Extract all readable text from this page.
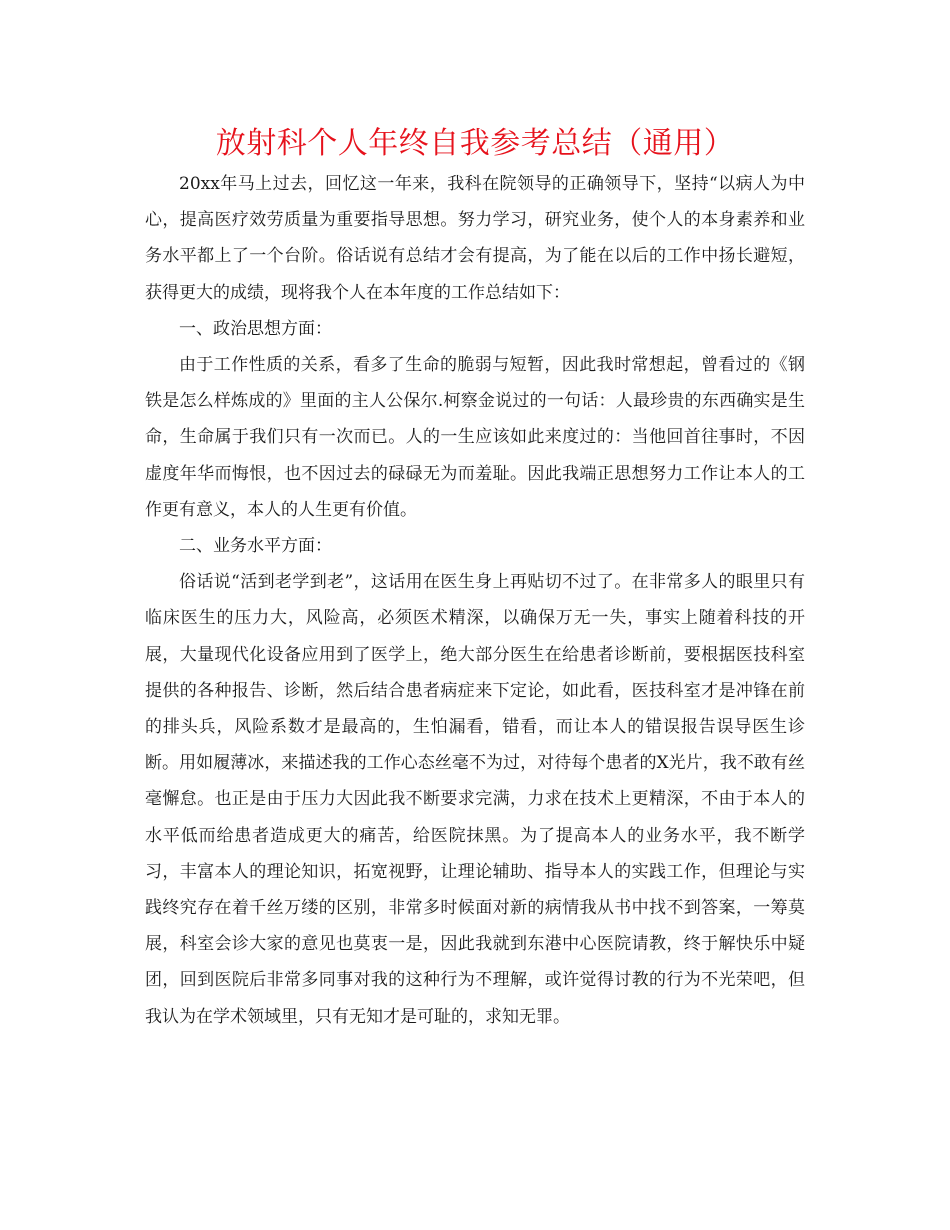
放射科个人年终自我参考总结（通用）

20xx年马上过去，回忆这一年来，我科在院领导的正确领导下，坚持“以病人为中心，提高医疗效劳质量为重要指导思想。努力学习，研究业务，使个人的本身素养和业务水平都上了一个台阶。俗话说有总结才会有提高，为了能在以后的工作中扬长避短，获得更大的成绩，现将我个人在本年度的工作总结如下：

一、政治思想方面：

由于工作性质的关系，看多了生命的脆弱与短暂，因此我时常想起，曾看过的《钢铁是怎么样炼成的》里面的主人公保尔.柯察金说过的一句话：人最珍贵的东西确实是生命，生命属于我们只有一次而已。人的一生应该如此来度过的：当他回首往事时，不因虚度年华而悔恨，也不因过去的碌碌无为而羞耻。因此我端正思想努力工作让本人的工作更有意义，本人的人生更有价值。

二、业务水平方面：

俗话说“活到老学到老”，这话用在医生身上再贴切不过了。在非常多人的眼里只有临床医生的压力大，风险高，必须医术精深，以确保万无一失，事实上随着科技的开展，大量现代化设备应用到了医学上，绝大部分医生在给患者诊断前，要根据医技科室提供的各种报告、诊断，然后结合患者病症来下定论，如此看，医技科室才是冲锋在前的排头兵，风险系数才是最高的，生怕漏看，错看，而让本人的错误报告误导医生诊断。用如履薄冰，来描述我的工作心态丝毫不为过，对待每个患者的X光片，我不敢有丝毫懈怠。也正是由于压力大因此我不断要求完满，力求在技术上更精深，不由于本人的水平低而给患者造成更大的痛苦，给医院抹黑。为了提高本人的业务水平，我不断学习，丰富本人的理论知识，拓宽视野，让理论辅助、指导本人的实践工作，但理论与实践终究存在着千丝万缕的区别，非常多时候面对新的病情我从书中找不到答案，一筹莫展，科室会诊大家的意见也莫衷一是，因此我就到东港中心医院请教，终于解快乐中疑团，回到医院后非常多同事对我的这种行为不理解，或许觉得讨教的行为不光荣吧，但我认为在学术领域里，只有无知才是可耻的，求知无罪。
